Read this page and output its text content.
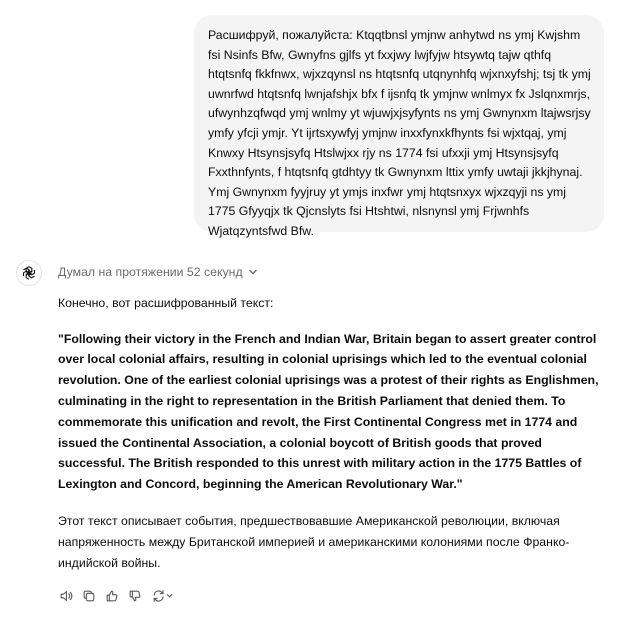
Расшифруй, пожалуйста: Ktqqtbnsl ymjnw anhytwd ns ymj Kwjshm fsi Nsinfs Bfw, Gwnyfns gjlfs yt fxxjwy lwjfyjw htsywtq tajw qthfq htqtsnfq fkkfnwx, wjxzqynsl ns htqtsnfq utqnynhfq wjxnxyfshj; tsj tk ymj uwnrfwd htqtsnfq lwnjafshjx bfx f ijsnfq tk ymjnw wnlmyx fx Jslqnxmrjs, ufwynhzqfwqd ymj wnlmy yt wjuwjxjsyfynts ns ymj Gwnynxm ltajwsrjsy ymfy yfcji ymjr. Yt ijrtsxywfyj ymjnw inxxfynxkfhynts fsi wjxtqaj, ymj Knwxy Htsynsjsyfq Htslwjxx rjy ns 1774 fsi ufxxji ymj Htsynsjsyfq Fxxthnfynts, f htqtsnfq gtdhtyy tk Gwnynxm lttix ymfy uwtaji jkkjhynaj. Ymj Gwnynxm fyyjruy yt ymjs inxfwr ymj htqtsnxyx wjxzqyji ns ymj 1775 Gfyyqjx tk Qjcnslyts fsi Htshtwi, nlsnynsl ymj Frjwnhfs Wjatqzyntsfwd Bfw.
Думал на протяжении 52 секунд

Конечно, вот расшифрованный текст:

"Following their victory in the French and Indian War, Britain began to assert greater control over local colonial affairs, resulting in colonial uprisings which led to the eventual colonial revolution. One of the earliest colonial uprisings was a protest of their rights as Englishmen, culminating in the right to representation in the British Parliament that denied them. To commemorate this unification and revolt, the First Continental Congress met in 1774 and issued the Continental Association, a colonial boycott of British goods that proved successful. The British responded to this unrest with military action in the 1775 Battles of Lexington and Concord, beginning the American Revolutionary War."

Этот текст описывает события, предшествовавшие Американской революции, включая напряженность между Британской империей и американскими колониями после Франко-индийской войны.
